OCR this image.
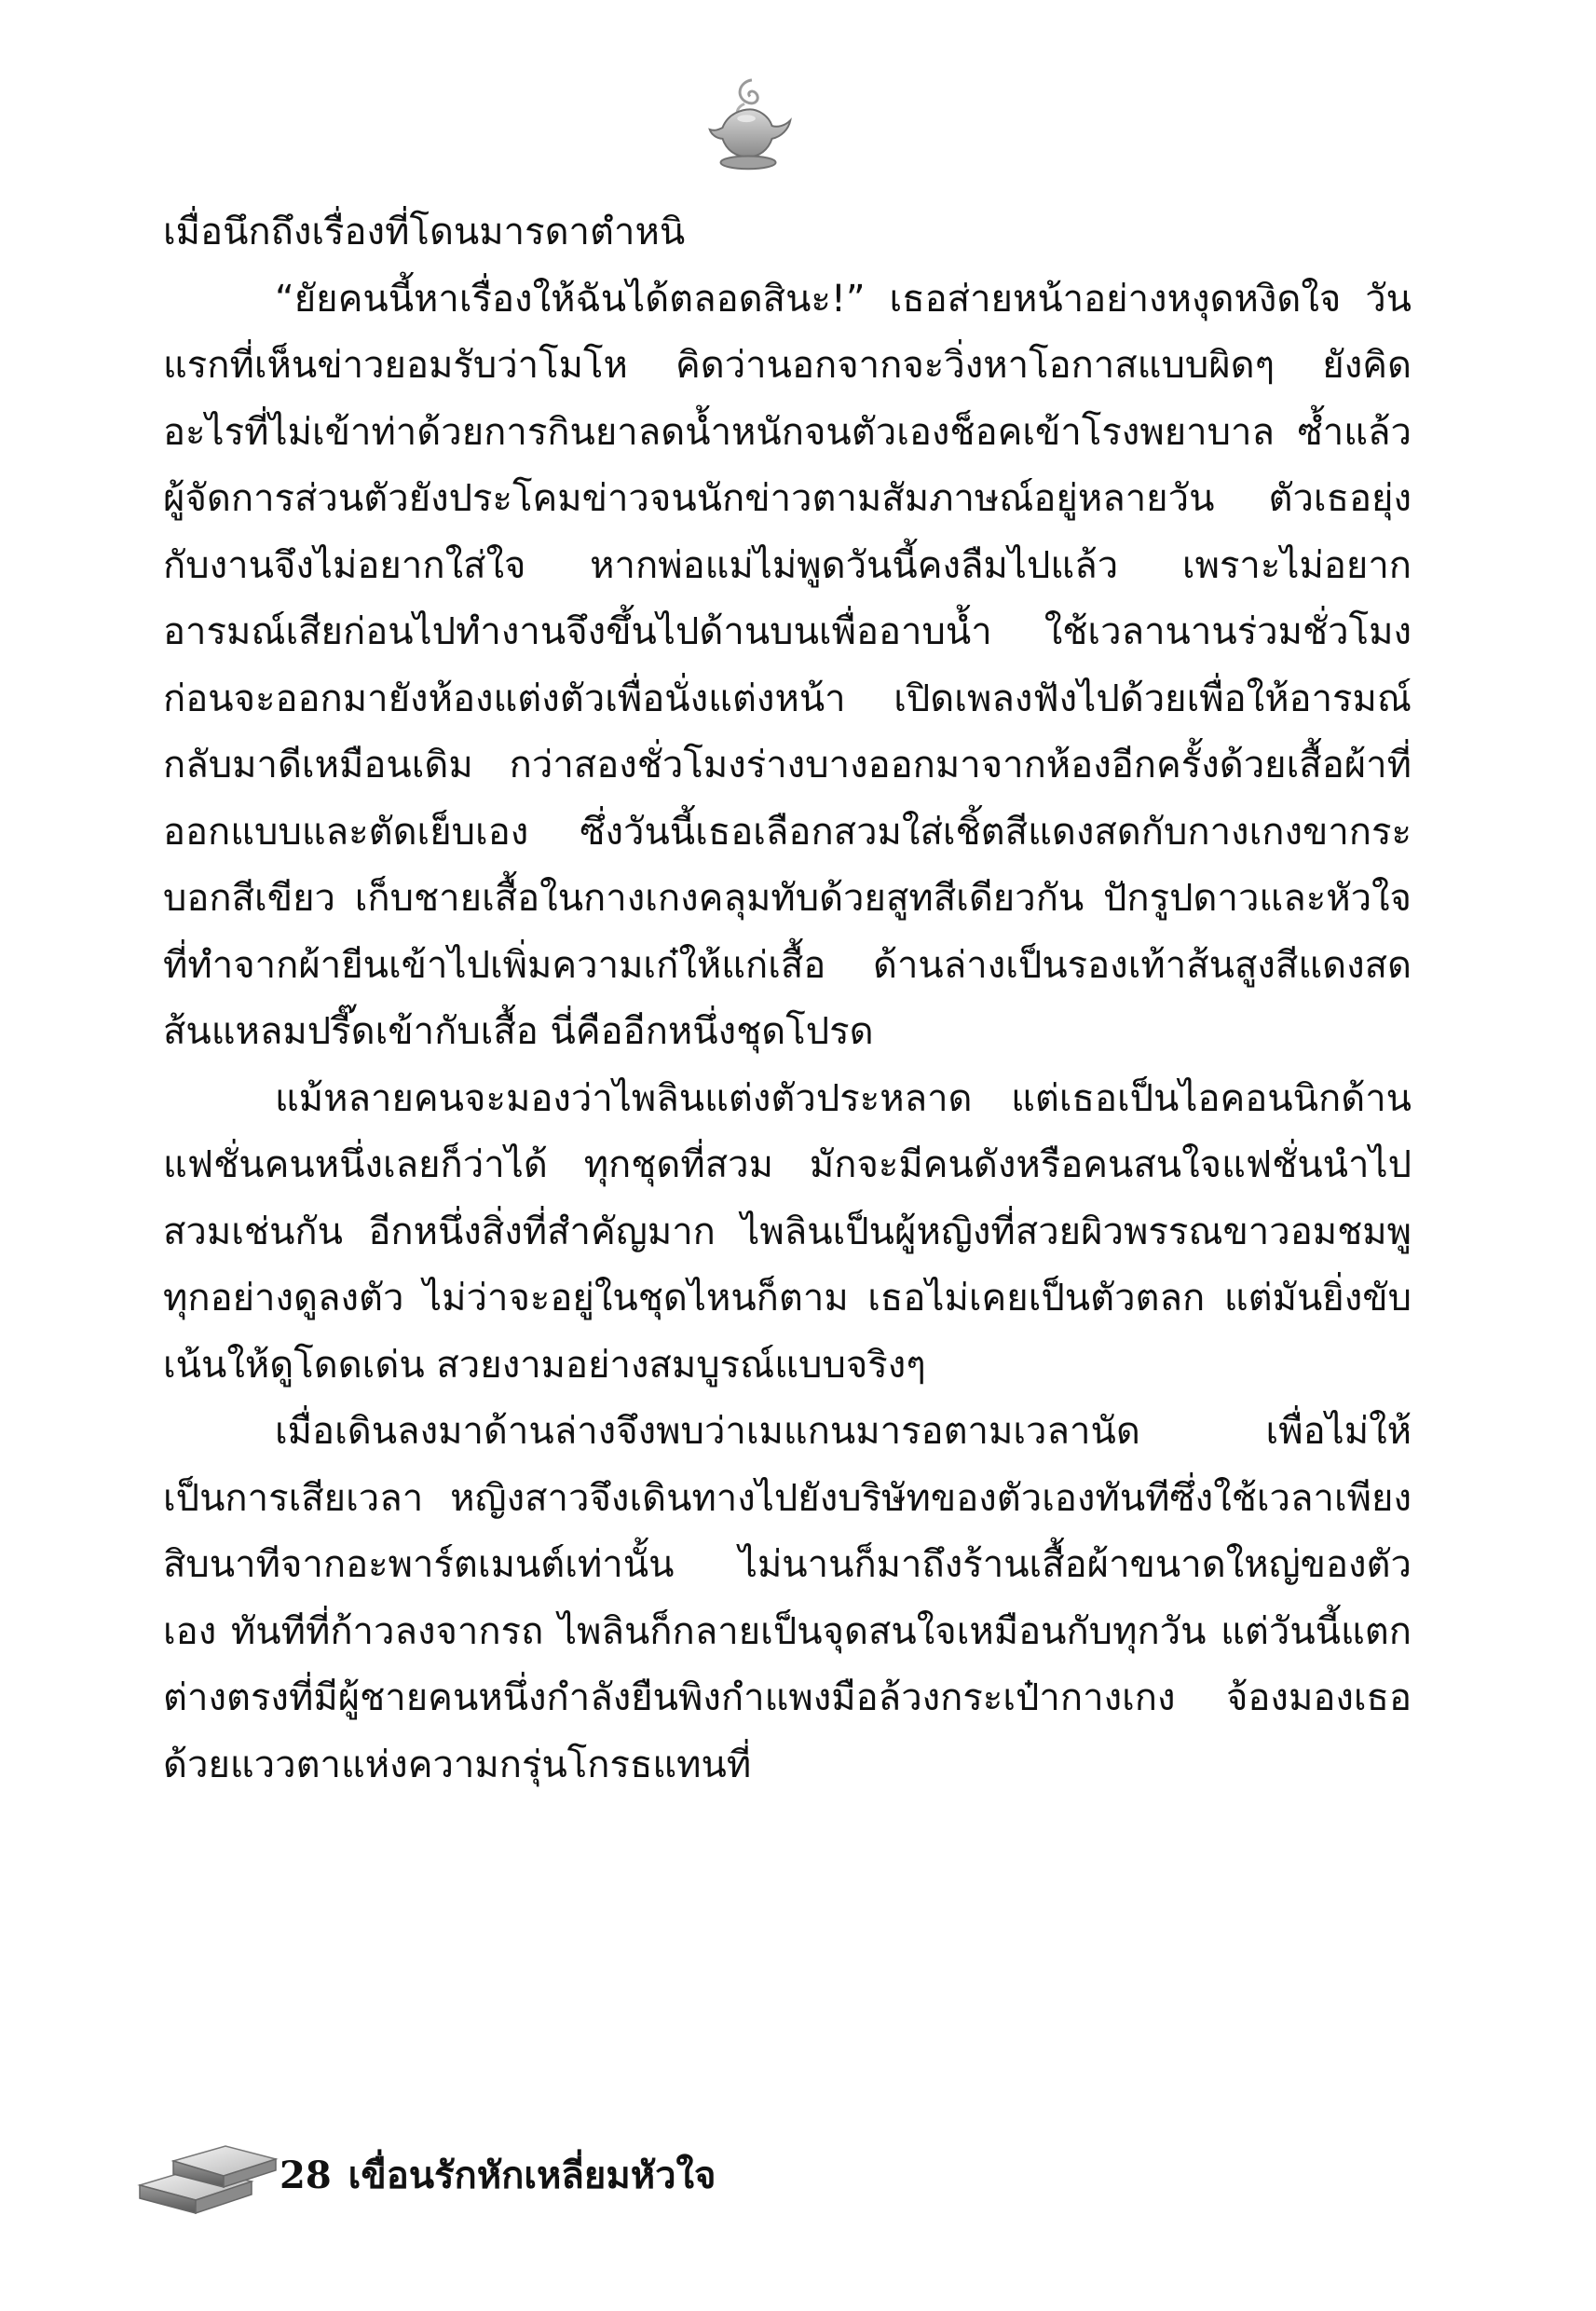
เมื่อนึกถึงเรื่องที่โดนมารดาตำหนิ

“ยัยคนนี้หาเรื่องให้ฉันได้ตลอดสินะ!” เธอส่ายหน้าอย่างหงุดหงิดใจ วันแรกที่เห็นข่าวยอมรับว่าโมโห คิดว่านอกจากจะวิ่งหาโอกาสแบบผิดๆ ยังคิดอะไรที่ไม่เข้าท่าด้วยการกินยาลดน้ำหนักจนตัวเองช็อคเข้าโรงพยาบาล ซ้ำแล้วผู้จัดการส่วนตัวยังประโคมข่าวจนนักข่าวตามสัมภาษณ์อยู่หลายวัน ตัวเธอยุ่งกับงานจึงไม่อยากใส่ใจ หากพ่อแม่ไม่พูดวันนี้คงลืมไปแล้ว เพราะไม่อยากอารมณ์เสียก่อนไปทำงานจึงขึ้นไปด้านบนเพื่ออาบน้ำ ใช้เวลานานร่วมชั่วโมง ก่อนจะออกมายังห้องแต่งตัวเพื่อนั่งแต่งหน้า เปิดเพลงฟังไปด้วยเพื่อให้อารมณ์กลับมาดีเหมือนเดิม กว่าสองชั่วโมงร่างบางออกมาจากห้องอีกครั้งด้วยเสื้อผ้าที่ออกแบบและตัดเย็บเอง ซึ่งวันนี้เธอเลือกสวมใส่เชิ้ตสีแดงสดกับกางเกงขากระบอกสีเขียว เก็บชายเสื้อในกางเกงคลุมทับด้วยสูทสีเดียวกัน ปักรูปดาวและหัวใจที่ทำจากผ้ายีนเข้าไปเพิ่มความเก๋ให้แก่เสื้อ ด้านล่างเป็นรองเท้าส้นสูงสีแดงสดส้นแหลมปรี๊ดเข้ากับเสื้อ นี่คืออีกหนึ่งชุดโปรด

แม้หลายคนจะมองว่าไพลินแต่งตัวประหลาด แต่เธอเป็นไอคอนนิกด้านแฟชั่นคนหนึ่งเลยก็ว่าได้ ทุกชุดที่สวม มักจะมีคนดังหรือคนสนใจแฟชั่นนำไปสวมเช่นกัน อีกหนึ่งสิ่งที่สำคัญมาก ไพลินเป็นผู้หญิงที่สวยผิวพรรณขาวอมชมพู ทุกอย่างดูลงตัว ไม่ว่าจะอยู่ในชุดไหนก็ตาม เธอไม่เคยเป็นตัวตลก แต่มันยิ่งขับเน้นให้ดูโดดเด่น สวยงามอย่างสมบูรณ์แบบจริงๆ

เมื่อเดินลงมาด้านล่างจึงพบว่าเมแกนมารอตามเวลานัด เพื่อไม่ให้เป็นการเสียเวลา หญิงสาวจึงเดินทางไปยังบริษัทของตัวเองทันทีซึ่งใช้เวลาเพียงสิบนาทีจากอะพาร์ตเมนต์เท่านั้น ไม่นานก็มาถึงร้านเสื้อผ้าขนาดใหญ่ของตัวเอง ทันทีที่ก้าวลงจากรถ ไพลินก็กลายเป็นจุดสนใจเหมือนกับทุกวัน แต่วันนี้แตกต่างตรงที่มีผู้ชายคนหนึ่งกำลังยืนพิงกำแพงมือล้วงกระเป๋ากางเกง จ้องมองเธอด้วยแววตาแห่งความกรุ่นโกรธแทนที่

28 เขื่อนรักหักเหลี่ยมหัวใจ
